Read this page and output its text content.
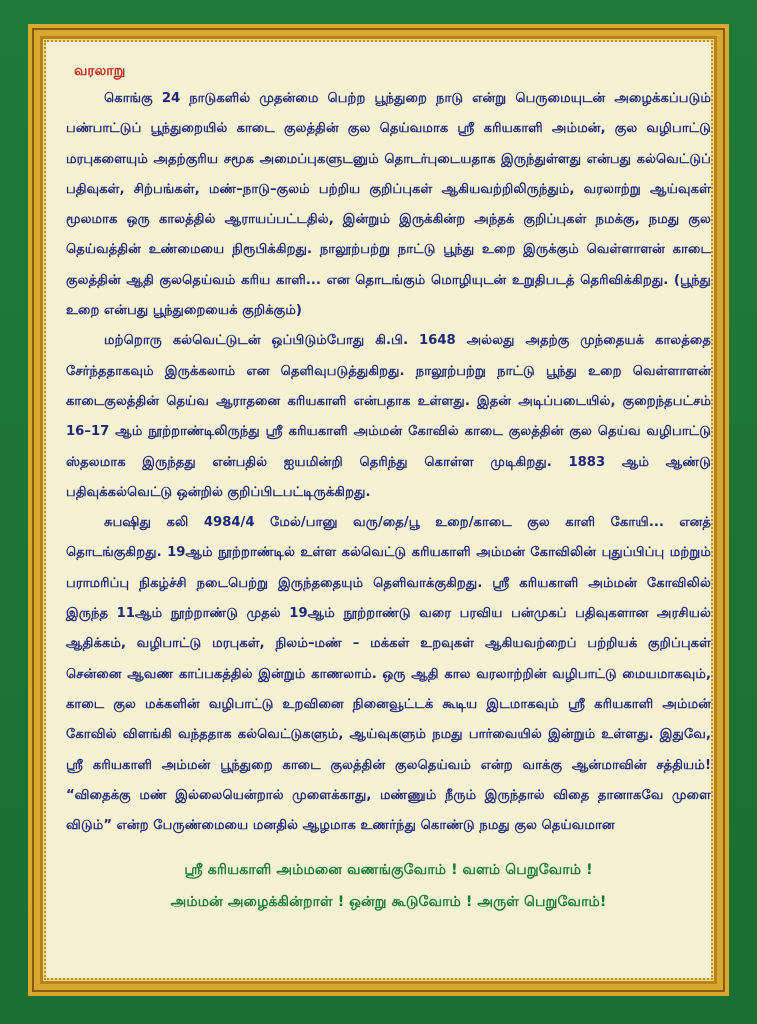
வரலாறு

கொங்கு 24 நாடுகளில் முதன்மை பெற்ற பூந்துறை நாடு என்று பெருமையுடன் அழைக்கப்படும் பண்பாட்டுப் பூந்துறையில் காடை குலத்தின் குல தெய்வமாக ஸ்ரீ கரியகாளி அம்மன், குல வழிபாட்டு மரபுகளையும் அதற்குரிய சமூக அமைப்புகளுடனும் தொடர்புடையதாக இருந்துள்ளது என்பது கல்வெட்டுப் பதிவுகள், சிற்பங்கள், மண்–நாடு–குலம் பற்றிய குறிப்புகள் ஆகியவற்றிலிருந்தும், வரலாற்று ஆய்வுகள் மூலமாக ஒரு காலத்தில் ஆராயப்பட்டதில், இன்றும் இருக்கின்ற அந்தக் குறிப்புகள் நமக்கு, நமது குல தெய்வத்தின் உண்மையை நிரூபிக்கிறது. நாலூற்பற்று நாட்டு பூந்து உறை இருக்கும் வெள்ளாளன் காடை குலத்தின் ஆதி குலதெய்வம் கரிய காளி... என தொடங்கும் மொழியுடன் உறுதிபடத் தெரிவிக்கிறது. (பூந்து உறை என்பது பூந்துறையைக் குறிக்கும்)

மற்றொரு கல்வெட்டுடன் ஒப்பிடும்போது கி.பி. 1648 அல்லது அதற்கு முந்தையக் காலத்தை சேர்ந்ததாகவும் இருக்கலாம் என தெளிவுபடுத்துகிறது. நாலூற்பற்று நாட்டு பூந்து உறை வெள்ளாளன் காடைகுலத்தின் தெய்வ ஆராதனை கரியகாளி என்பதாக உள்ளது. இதன் அடிப்படையில், குறைந்தபட்சம் 16–17 ஆம் நூற்றாண்டிலிருந்து ஸ்ரீ கரியகாளி அம்மன் கோவில் காடை குலத்தின் குல தெய்வ வழிபாட்டு ஸ்தலமாக இருந்தது என்பதில் ஐயமின்றி தெரிந்து கொள்ள முடிகிறது. 1883 ஆம் ஆண்டு பதிவுக்கல்வெட்டு ஒன்றில் குறிப்பிடபட்டிருக்கிறது.

சுபஷிது கலி 4984/4 மேல்/பானு வரு/தை/பூ உறை/காடை குல காளி கோயி... எனத் தொடங்குகிறது. 19ஆம் நூற்றாண்டில் உள்ள கல்வெட்டு கரியகாளி அம்மன் கோவிலின் புதுப்பிப்பு மற்றும் பராமரிப்பு நிகழ்ச்சி நடைபெற்று இருந்ததையும் தெளிவாக்குகிறது. ஸ்ரீ கரியகாளி அம்மன் கோவிலில் இருந்த 11ஆம் நூற்றாண்டு முதல் 19ஆம் நூற்றாண்டு வரை பரவிய பன்முகப் பதிவுகளான அரசியல் ஆதிக்கம், வழிபாட்டு மரபுகள், நிலம்–மண் – மக்கள் உறவுகள் ஆகியவற்றைப் பற்றியக் குறிப்புகள் சென்னை ஆவண காப்பகத்தில் இன்றும் காணலாம். ஒரு ஆதி கால வரலாற்றின் வழிபாட்டு மையமாகவும், காடை குல மக்களின் வழிபாட்டு உறவினை நினைவூட்டக் கூடிய இடமாகவும் ஸ்ரீ கரியகாளி அம்மன் கோவில் விளங்கி வந்ததாக கல்வெட்டுகளும், ஆய்வுகளும் நமது பார்வையில் இன்றும் உள்ளது. இதுவே, ஸ்ரீ கரியகாளி அம்மன் பூந்துறை காடை குலத்தின் குலதெய்வம் என்ற வாக்கு ஆன்மாவின் சத்தியம்! “விதைக்கு மண் இல்லையென்றால் முளைக்காது, மண்ணும் நீரும் இருந்தால் விதை தானாகவே முளை விடும்” என்ற பேருண்மையை மனதில் ஆழமாக உணர்ந்து கொண்டு நமது குல தெய்வமான

ஸ்ரீ கரியகாளி அம்மனை வணங்குவோம் ! வளம் பெறுவோம் !
அம்மன் அழைக்கின்றாள் ! ஒன்று கூடுவோம் ! அருள் பெறுவோம்!
